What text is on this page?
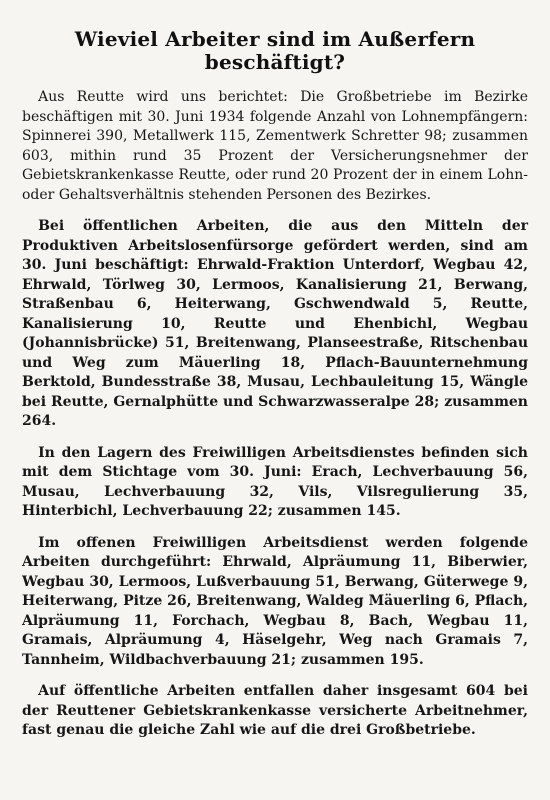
Wieviel Arbeiter sind im Außerfern beschäftigt?

Aus Reutte wird uns berichtet: Die Großbetriebe im Bezirke beschäftigen mit 30. Juni 1934 folgende Anzahl von Lohnempfängern: Spinnerei 390, Metallwerk 115, Zementwerk Schretter 98; zusammen 603, mithin rund 35 Prozent der Versicherungsnehmer der Gebietskrankenkasse Reutte, oder rund 20 Prozent der in einem Lohn- oder Gehaltsverhältnis stehenden Personen des Bezirkes.

Bei öffentlichen Arbeiten, die aus den Mitteln der Produktiven Arbeitslosenfürsorge gefördert werden, sind am 30. Juni beschäftigt: Ehrwald-Fraktion Unterdorf, Wegbau 42, Ehrwald, Törlweg 30, Lermoos, Kanalisierung 21, Berwang, Straßenbau 6, Heiterwang, Gschwendwald 5, Reutte, Kanalisierung 10, Reutte und Ehenbichl, Wegbau (Johannisbrücke) 51, Breitenwang, Planseestraße, Ritschenbau und Weg zum Mäuerling 18, Pflach-Bauunternehmung Berktold, Bundesstraße 38, Musau, Lechbauleitung 15, Wängle bei Reutte, Gernalphütte und Schwarzwasseralpe 28; zusammen 264.

In den Lagern des Freiwilligen Arbeitsdienstes befinden sich mit dem Stichtage vom 30. Juni: Erach, Lechverbauung 56, Musau, Lechverbauung 32, Vils, Vilsregulierung 35, Hinterbichl, Lechverbauung 22; zusammen 145.

Im offenen Freiwilligen Arbeitsdienst werden folgende Arbeiten durchgeführt: Ehrwald, Alpräumung 11, Biberwier, Wegbau 30, Lermoos, Lußverbauung 51, Berwang, Güterwege 9, Heiterwang, Pitze 26, Breitenwang, Waldeg Mäuerling 6, Pflach, Alpräumung 11, Forchach, Wegbau 8, Bach, Wegbau 11, Gramais, Alpräumung 4, Häselgehr, Weg nach Gramais 7, Tannheim, Wildbachverbauung 21; zusammen 195.

Auf öffentliche Arbeiten entfallen daher insgesamt 604 bei der Reuttener Gebietskrankenkasse versicherte Arbeitnehmer, fast genau die gleiche Zahl wie auf die drei Großbetriebe.
